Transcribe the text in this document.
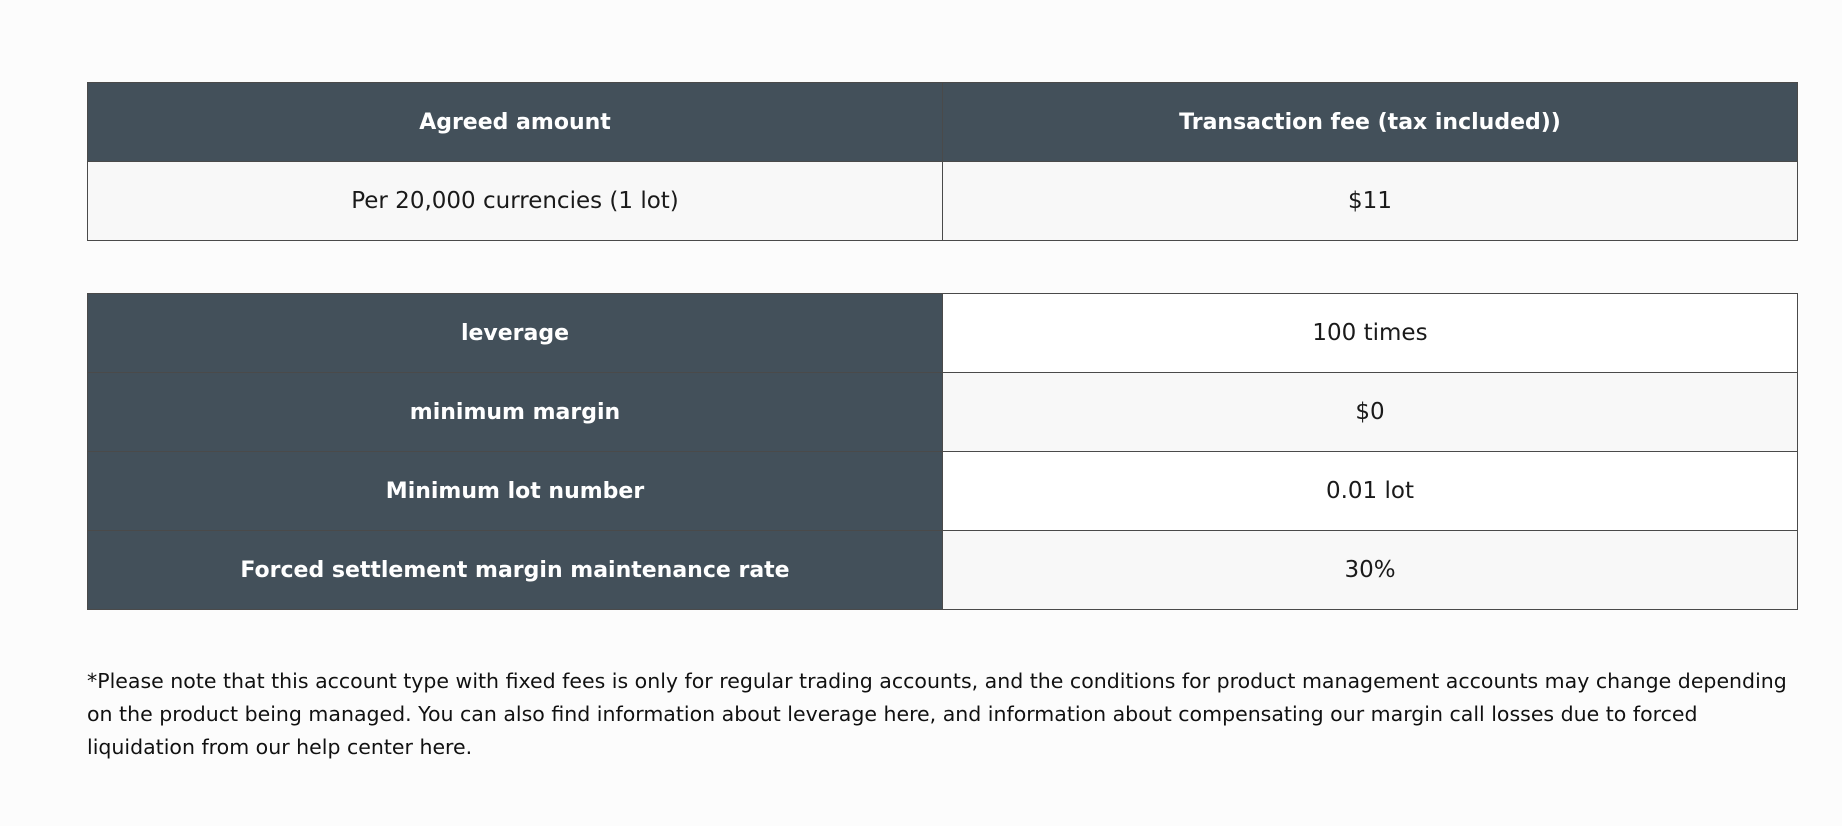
Agreed amount	Transaction fee (tax included))
Per 20,000 currencies (1 lot)	$11
leverage	100 times
minimum margin	$0
Minimum lot number	0.01 lot
Forced settlement margin maintenance rate	30%

*Please note that this account type with fixed fees is only for regular trading accounts, and the conditions for product management accounts may change depending on the product being managed. You can also find information about leverage here, and information about compensating our margin call losses due to forced liquidation from our help center here.
